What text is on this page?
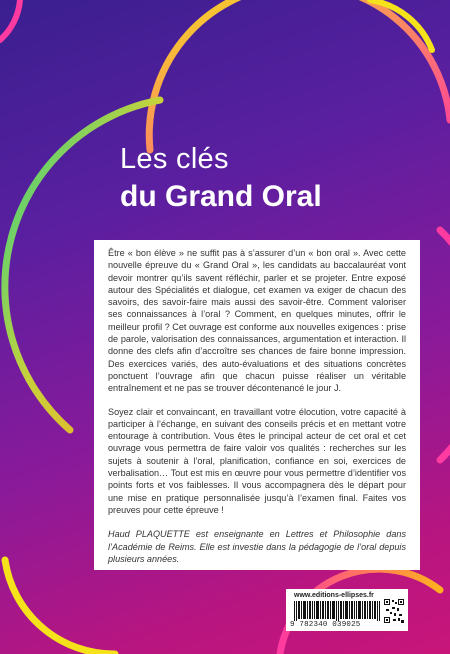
Les clés
du Grand Oral

Être « bon élève » ne suffit pas à s’assurer d’un « bon oral ». Avec cette nouvelle épreuve du « Grand Oral », les candidats au baccalauréat vont devoir montrer qu’ils savent réfléchir, parler et se projeter. Entre exposé autour des Spécialités et dialogue, cet examen va exiger de chacun des savoirs, des savoir-faire mais aussi des savoir-être. Comment valoriser ses connaissances à l’oral ? Comment, en quelques minutes, offrir le meilleur profil ? Cet ouvrage est conforme aux nouvelles exigences : prise de parole, valorisation des connaissances, argumentation et interaction. Il donne des clefs afin d’accroître ses chances de faire bonne impression. Des exercices variés, des auto-évaluations et des situations concrètes ponctuent l’ouvrage afin que chacun puisse réaliser un véritable entraînement et ne pas se trouver décontenancé le jour J.

Soyez clair et convaincant, en travaillant votre élocution, votre capacité à participer à l’échange, en suivant des conseils précis et en mettant votre entourage à contribution. Vous êtes le principal acteur de cet oral et cet ouvrage vous permettra de faire valoir vos qualités : recherches sur les sujets à soutenir à l’oral, planification, confiance en soi, exercices de verbalisation… Tout est mis en œuvre pour vous permettre d’identifier vos points forts et vos faiblesses. Il vous accompagnera dès le départ pour une mise en pratique personnalisée jusqu’à l’examen final. Faites vos preuves pour cette épreuve !

Haud PLAQUETTE est enseignante en Lettres et Philosophie dans l’Académie de Reims. Elle est investie dans la pédagogie de l’oral depuis plusieurs années.

www.editions-ellipses.fr
9 782340 039025
